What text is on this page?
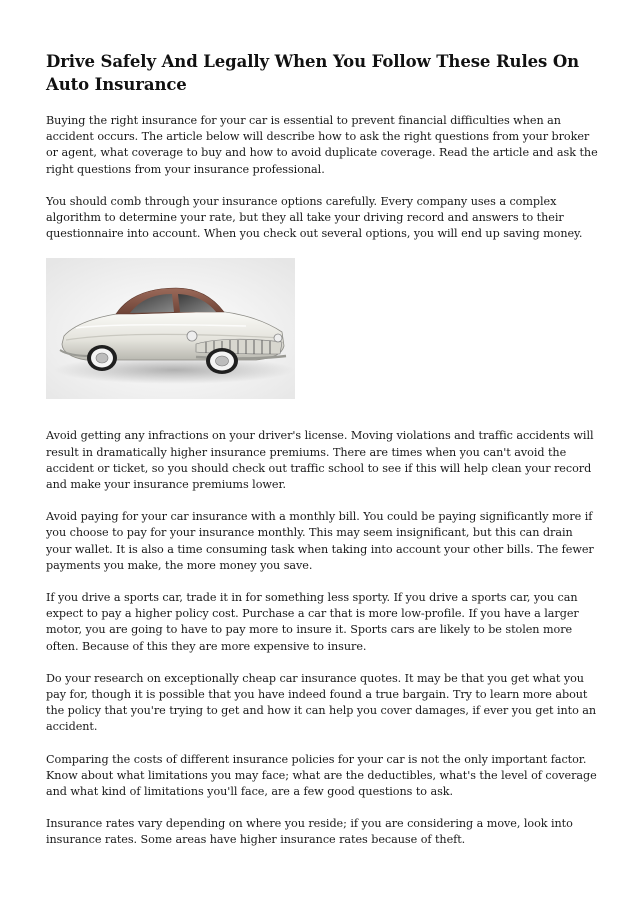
Drive Safely And Legally When You Follow These Rules On Auto Insurance

Buying the right insurance for your car is essential to prevent financial difficulties when an accident occurs. The article below will describe how to ask the right questions from your broker or agent, what coverage to buy and how to avoid duplicate coverage. Read the article and ask the right questions from your insurance professional.

You should comb through your insurance options carefully. Every company uses a complex algorithm to determine your rate, but they all take your driving record and answers to their questionnaire into account. When you check out several options, you will end up saving money.

Avoid getting any infractions on your driver's license. Moving violations and traffic accidents will result in dramatically higher insurance premiums. There are times when you can't avoid the accident or ticket, so you should check out traffic school to see if this will help clean your record and make your insurance premiums lower.

Avoid paying for your car insurance with a monthly bill. You could be paying significantly more if you choose to pay for your insurance monthly. This may seem insignificant, but this can drain your wallet. It is also a time consuming task when taking into account your other bills. The fewer payments you make, the more money you save.

If you drive a sports car, trade it in for something less sporty. If you drive a sports car, you can expect to pay a higher policy cost. Purchase a car that is more low-profile. If you have a larger motor, you are going to have to pay more to insure it. Sports cars are likely to be stolen more often. Because of this they are more expensive to insure.

Do your research on exceptionally cheap car insurance quotes. It may be that you get what you pay for, though it is possible that you have indeed found a true bargain. Try to learn more about the policy that you're trying to get and how it can help you cover damages, if ever you get into an accident.

Comparing the costs of different insurance policies for your car is not the only important factor. Know about what limitations you may face; what are the deductibles, what's the level of coverage and what kind of limitations you'll face, are a few good questions to ask.

Insurance rates vary depending on where you reside; if you are considering a move, look into insurance rates. Some areas have higher insurance rates because of theft.
